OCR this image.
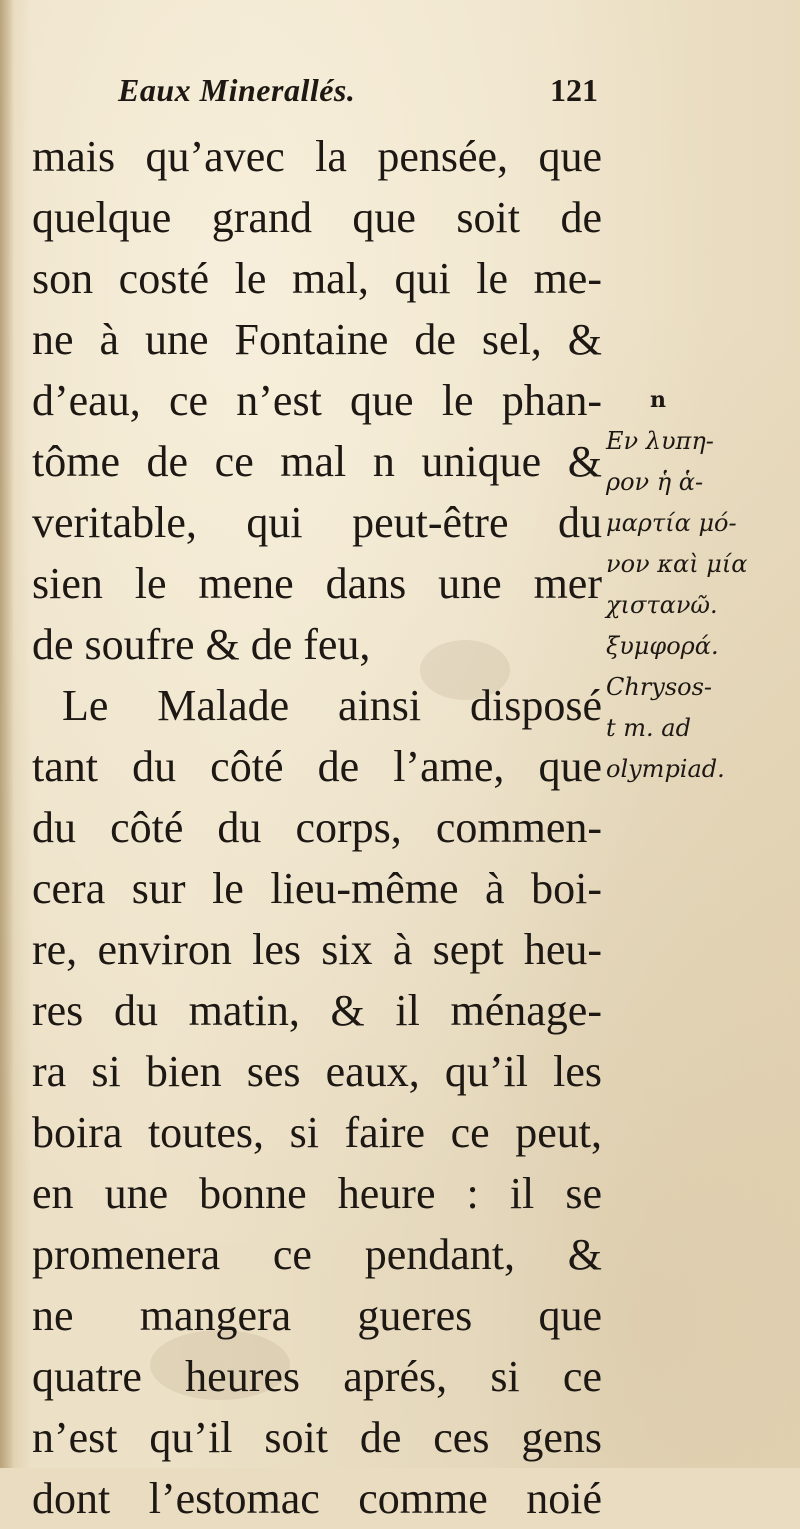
Eaux Minerallés.	121
mais qu’avec la pensée, que
quelque grand que soit de
son costé le mal, qui le me-
ne à une Fontaine de sel, &
d’eau, ce n’est que le phan-
tôme de ce mal n unique &
veritable, qui peut-être du
sien le mene dans une mer
de soufre & de feu,
Le Malade ainsi disposé
tant du côté de l’ame, que
du côté du corps, commen-
cera sur le lieu-même à boi-
re, environ les six à sept heu-
res du matin, & il ménage-
ra si bien ses eaux, qu’il les
boira toutes, si faire ce peut,
en une bonne heure : il se
promenera ce pendant, &
ne mangera gueres que
quatre heures aprés, si ce
n’est qu’il soit de ces gens
dont l’estomac comme noié
n
Εν λυπη-
ρον ἡ ἁ-
μαρτία μό-
νον καὶ μία
χιστανῶ.
ξυμφορά.
Chrysos-
t m. ad
olympiad.
